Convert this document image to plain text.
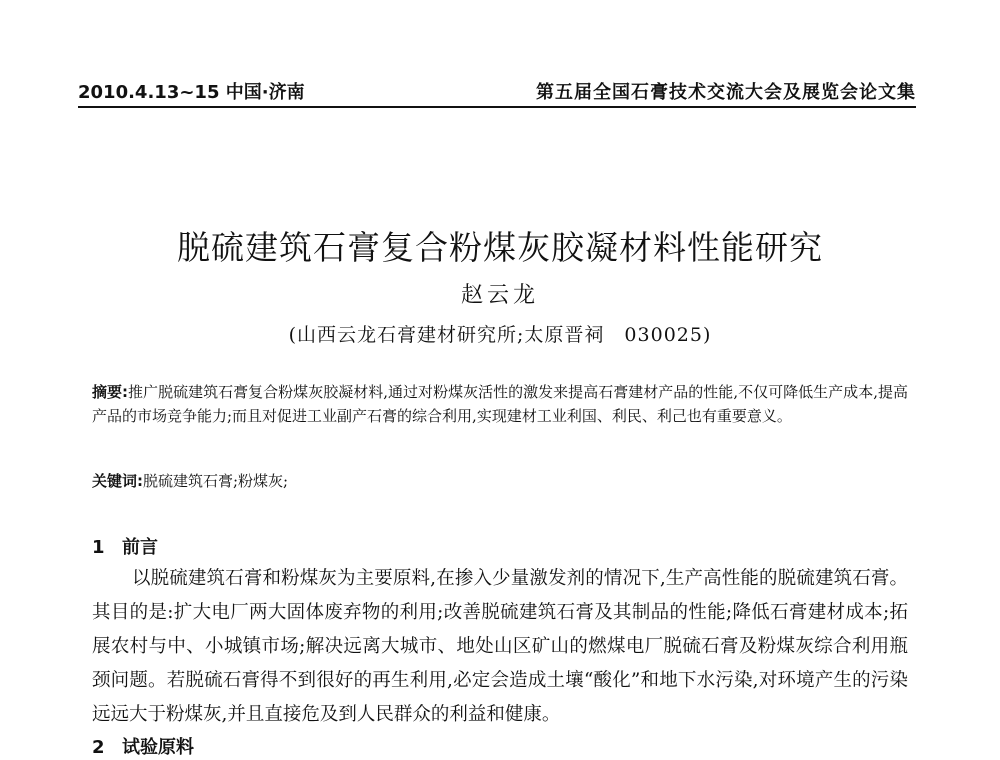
2010.4.13~15 中国·济南	第五届全国石膏技术交流大会及展览会论文集
脱硫建筑石膏复合粉煤灰胶凝材料性能研究
赵云龙
(山西云龙石膏建材研究所;太原晋祠　030025)
摘要:推广脱硫建筑石膏复合粉煤灰胶凝材料,通过对粉煤灰活性的激发来提高石膏建材产品的性能,不仅可降低生产成本,提高产品的市场竞争能力;而且对促进工业副产石膏的综合利用,实现建材工业利国、利民、利己也有重要意义。
关键词:脱硫建筑石膏;粉煤灰;
1 前言
以脱硫建筑石膏和粉煤灰为主要原料,在掺入少量激发剂的情况下,生产高性能的脱硫建筑石膏。其目的是:扩大电厂两大固体废弃物的利用;改善脱硫建筑石膏及其制品的性能;降低石膏建材成本;拓展农村与中、小城镇市场;解决远离大城市、地处山区矿山的燃煤电厂脱硫石膏及粉煤灰综合利用瓶颈问题。若脱硫石膏得不到很好的再生利用,必定会造成土壤“酸化”和地下水污染,对环境产生的污染远远大于粉煤灰,并且直接危及到人民群众的利益和健康。
2 试验原料
